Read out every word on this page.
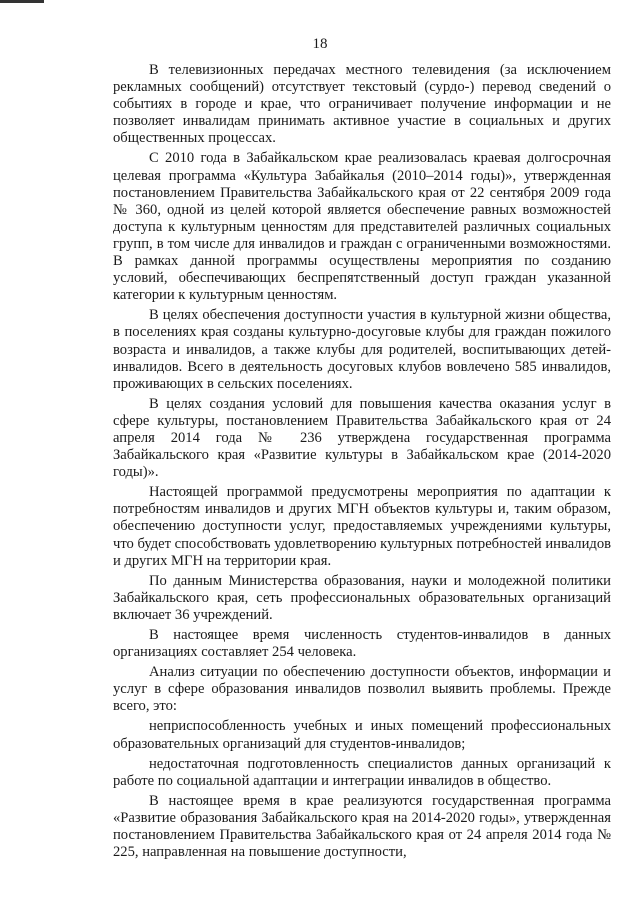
18

В телевизионных передачах местного телевидения (за исключением рекламных сообщений) отсутствует текстовый (сурдо-) перевод сведений о событиях в городе и крае, что ограничивает получение информации и не позволяет инвалидам принимать активное участие в социальных и других общественных процессах.

С 2010 года в Забайкальском крае реализовалась краевая долгосрочная целевая программа «Культура Забайкалья (2010–2014 годы)», утвержденная постановлением Правительства Забайкальского края от 22 сентября 2009 года № 360, одной из целей которой является обеспечение равных возможностей доступа к культурным ценностям для представителей различных социальных групп, в том числе для инвалидов и граждан с ограниченными возможностями. В рамках данной программы осуществлены мероприятия по созданию условий, обеспечивающих беспрепятственный доступ граждан указанной категории к культурным ценностям.

В целях обеспечения доступности участия в культурной жизни общества, в поселениях края созданы культурно-досуговые клубы для граждан пожилого возраста и инвалидов, а также клубы для родителей, воспитывающих детей-инвалидов. Всего в деятельность досуговых клубов вовлечено 585 инвалидов, проживающих в сельских поселениях.

В целях создания условий для повышения качества оказания услуг в сфере культуры, постановлением Правительства Забайкальского края от 24 апреля 2014 года № 236 утверждена государственная программа Забайкальского края «Развитие культуры в Забайкальском крае (2014-2020 годы)».

Настоящей программой предусмотрены мероприятия по адаптации к потребностям инвалидов и других МГН объектов культуры и, таким образом, обеспечению доступности услуг, предоставляемых учреждениями культуры, что будет способствовать удовлетворению культурных потребностей инвалидов и других МГН на территории края.

По данным Министерства образования, науки и молодежной политики Забайкальского края, сеть профессиональных образовательных организаций включает 36 учреждений.

В настоящее время численность студентов-инвалидов в данных организациях составляет 254 человека.

Анализ ситуации по обеспечению доступности объектов, информации и услуг в сфере образования инвалидов позволил выявить проблемы. Прежде всего, это:

неприспособленность учебных и иных помещений профессиональных образовательных организаций для студентов-инвалидов;

недостаточная подготовленность специалистов данных организаций к работе по социальной адаптации и интеграции инвалидов в общество.

В настоящее время в крае реализуются государственная программа «Развитие образования Забайкальского края на 2014-2020 годы», утвержденная постановлением Правительства Забайкальского края от 24 апреля 2014 года № 225, направленная на повышение доступности,
